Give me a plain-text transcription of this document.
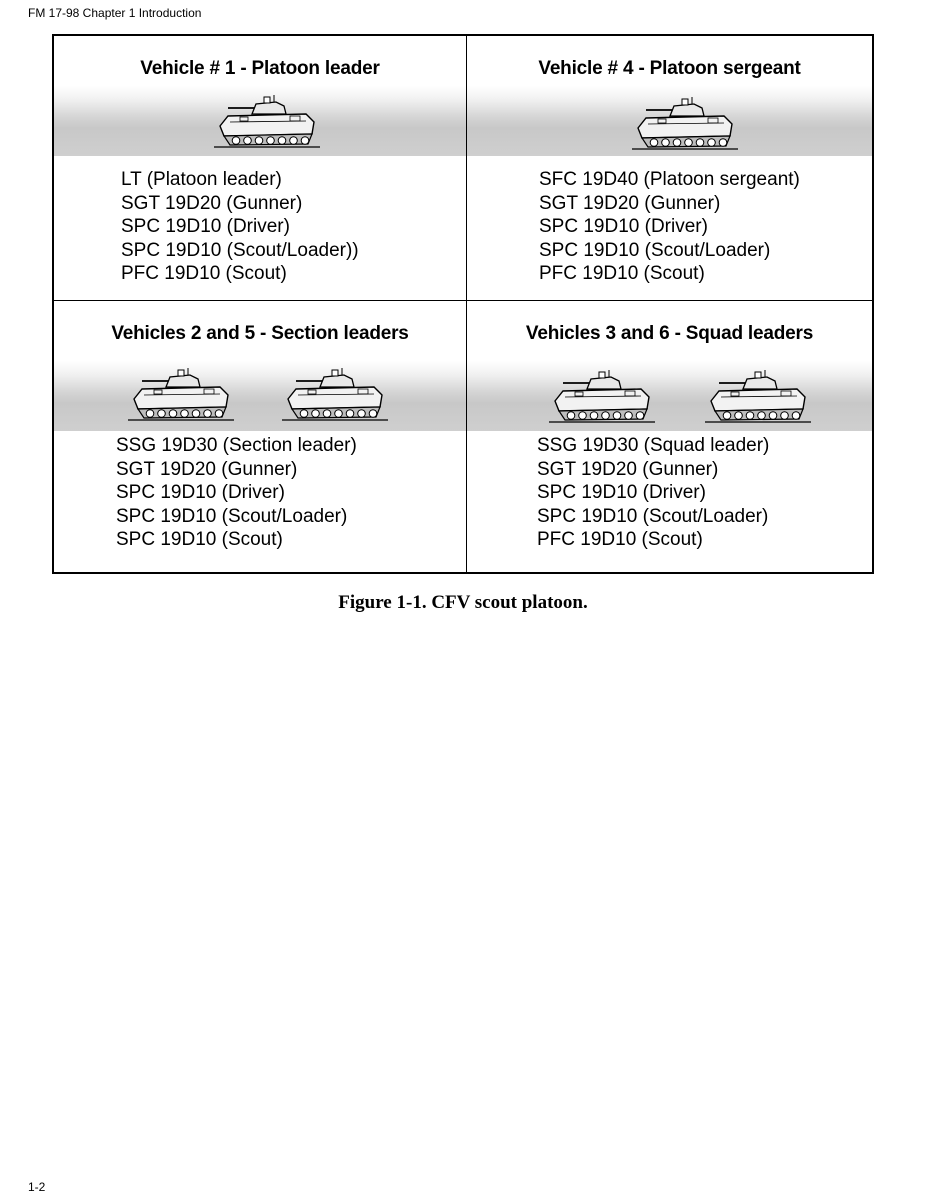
FM 17-98 Chapter 1 Introduction
Vehicle # 1 - Platoon leader
LT (Platoon leader)
SGT 19D20 (Gunner)
SPC 19D10 (Driver)
SPC 19D10 (Scout/Loader))
PFC 19D10 (Scout)
Vehicle # 4 - Platoon sergeant
SFC 19D40 (Platoon sergeant)
SGT 19D20 (Gunner)
SPC 19D10 (Driver)
SPC 19D10 (Scout/Loader)
PFC 19D10 (Scout)
Vehicles 2 and 5 - Section leaders
SSG 19D30 (Section leader)
SGT 19D20 (Gunner)
SPC 19D10 (Driver)
SPC 19D10 (Scout/Loader)
SPC 19D10 (Scout)
Vehicles 3 and 6 - Squad leaders
SSG 19D30 (Squad leader)
SGT 19D20 (Gunner)
SPC 19D10 (Driver)
SPC 19D10 (Scout/Loader)
PFC 19D10 (Scout)
Figure 1-1. CFV scout platoon.
1-2
